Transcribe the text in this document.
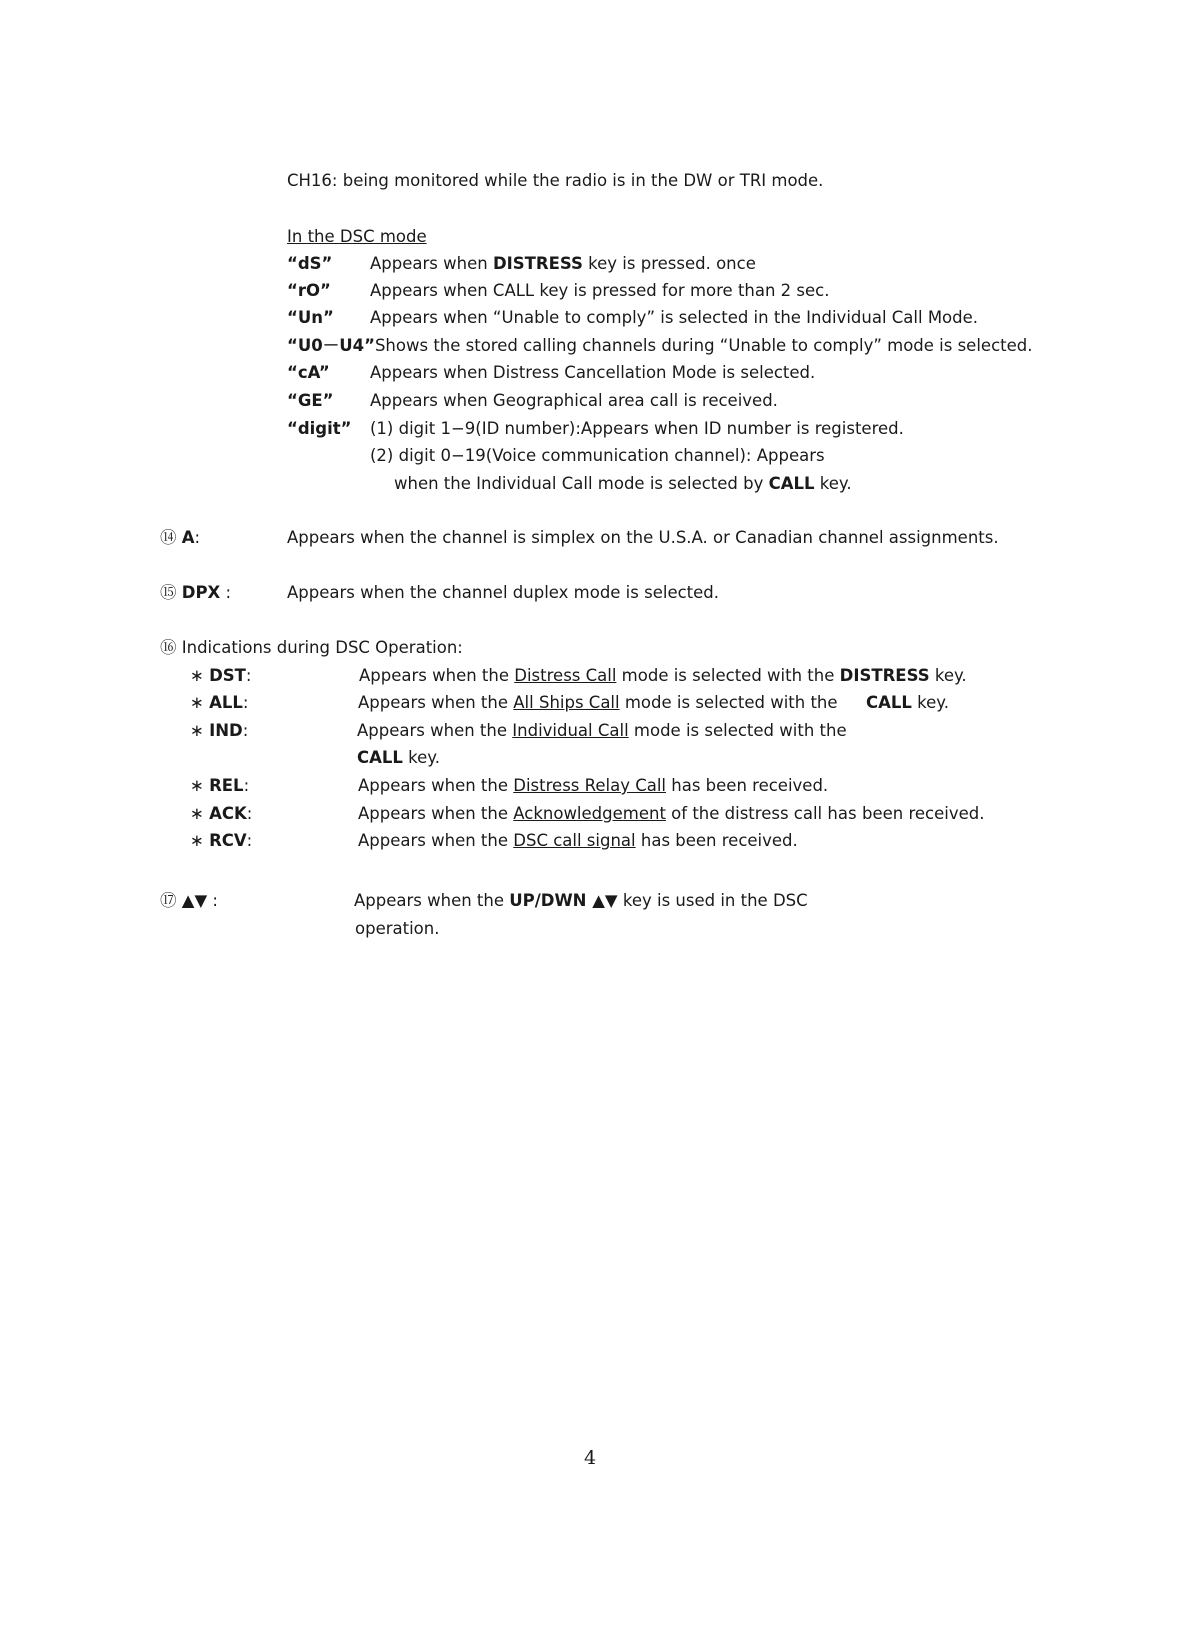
CH16: being monitored while the radio is in the DW or TRI mode.
In the DSC mode
“dS” Appears when DISTRESS key is pressed. once
“rO” Appears when CALL key is pressed for more than 2 sec.
“Un” Appears when “Unable to comply” is selected in the Individual Call Mode.
“U0－U4”Shows the stored calling channels during “Unable to comply” mode is selected.
“cA” Appears when Distress Cancellation Mode is selected.
“GE” Appears when Geographical area call is received.
“digit” (1) digit 1−9(ID number):Appears when ID number is registered.
(2) digit 0−19(Voice communication channel): Appears
when the Individual Call mode is selected by CALL key.
⑭ A:	Appears when the channel is simplex on the U.S.A. or Canadian channel assignments.
⑮ DPX :	Appears when the channel duplex mode is selected.
⑯ Indications during DSC Operation:
∗ DST:	Appears when the Distress Call mode is selected with the DISTRESS key.
∗ ALL:	Appears when the All Ships Call mode is selected with the CALL key.
∗ IND:	Appears when the Individual Call mode is selected with the
CALL key.
∗ REL:	Appears when the Distress Relay Call has been received.
∗ ACK:	Appears when the Acknowledgement of the distress call has been received.
∗ RCV:	Appears when the DSC call signal has been received.
⑰ ▲▼ :	Appears when the UP/DWN ▲▼ key is used in the DSC
operation.
4
